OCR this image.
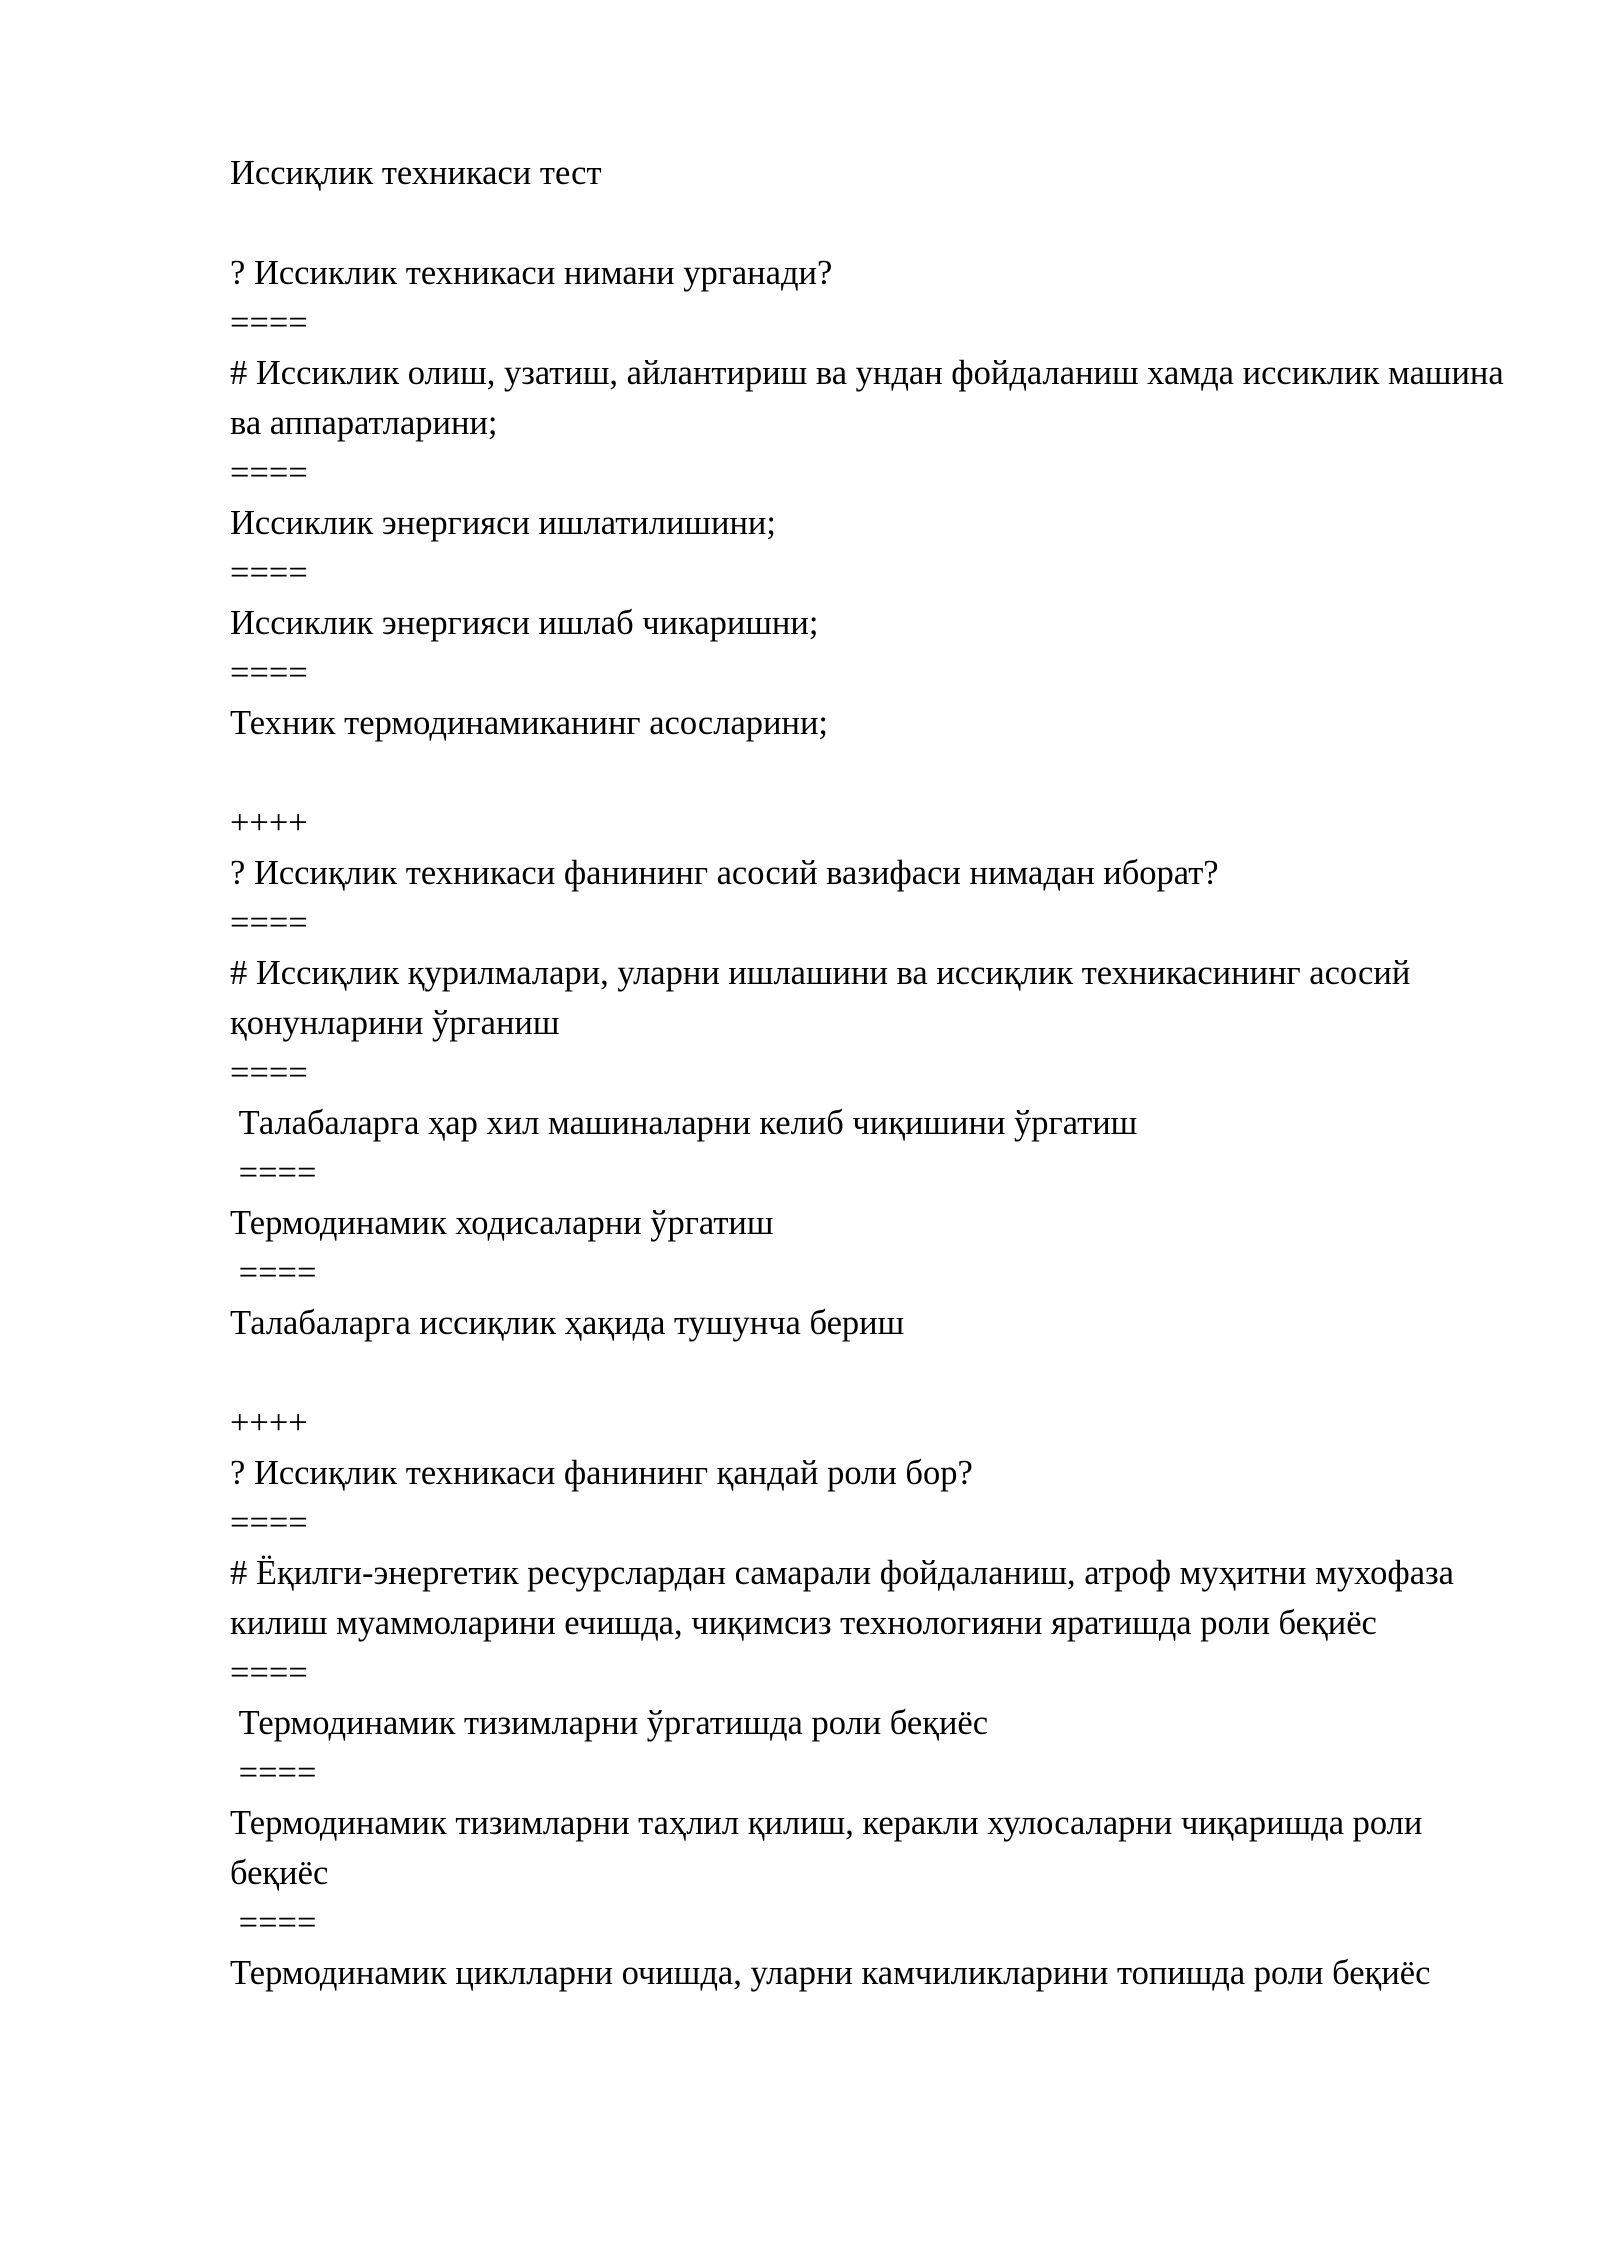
Иссиқлик техникаси тест
? Иссиклик техникаси нимани урганади?
====
# Иссиклик олиш, узатиш, айлантириш ва ундан фойдаланиш хамда иссиклик машина ва аппаратларини;
====
Иссиклик энергияси ишлатилишини;
====
Иссиклик энергияси ишлаб чикаришни;
====
Техник термодинамиканинг асосларини;
++++
? Иссиқлик техникаси фанининг асосий вазифаси нимадан иборат?
====
# Иссиқлик қурилмалари, уларни ишлашини ва иссиқлик техникасининг асосий қонунларини ўрганиш
====
Талабаларга ҳар хил машиналарни келиб чиқишини ўргатиш
====
Термодинамик ходисаларни ўргатиш
====
Талабаларга иссиқлик ҳақида тушунча бериш
++++
? Иссиқлик техникаси фанининг қандай роли бор?
====
# Ёқилги-энергетик ресурслардан самарали фойдаланиш, атроф муҳитни мухофаза килиш муаммоларини ечишда, чиқимсиз технологияни яратишда роли беқиёс
====
Термодинамик тизимларни ўргатишда роли беқиёс
====
Термодинамик тизимларни таҳлил қилиш, керакли хулосаларни чиқаришда роли беқиёс
====
Термодинамик циклларни очишда, уларни камчиликларини топишда роли беқиёс
